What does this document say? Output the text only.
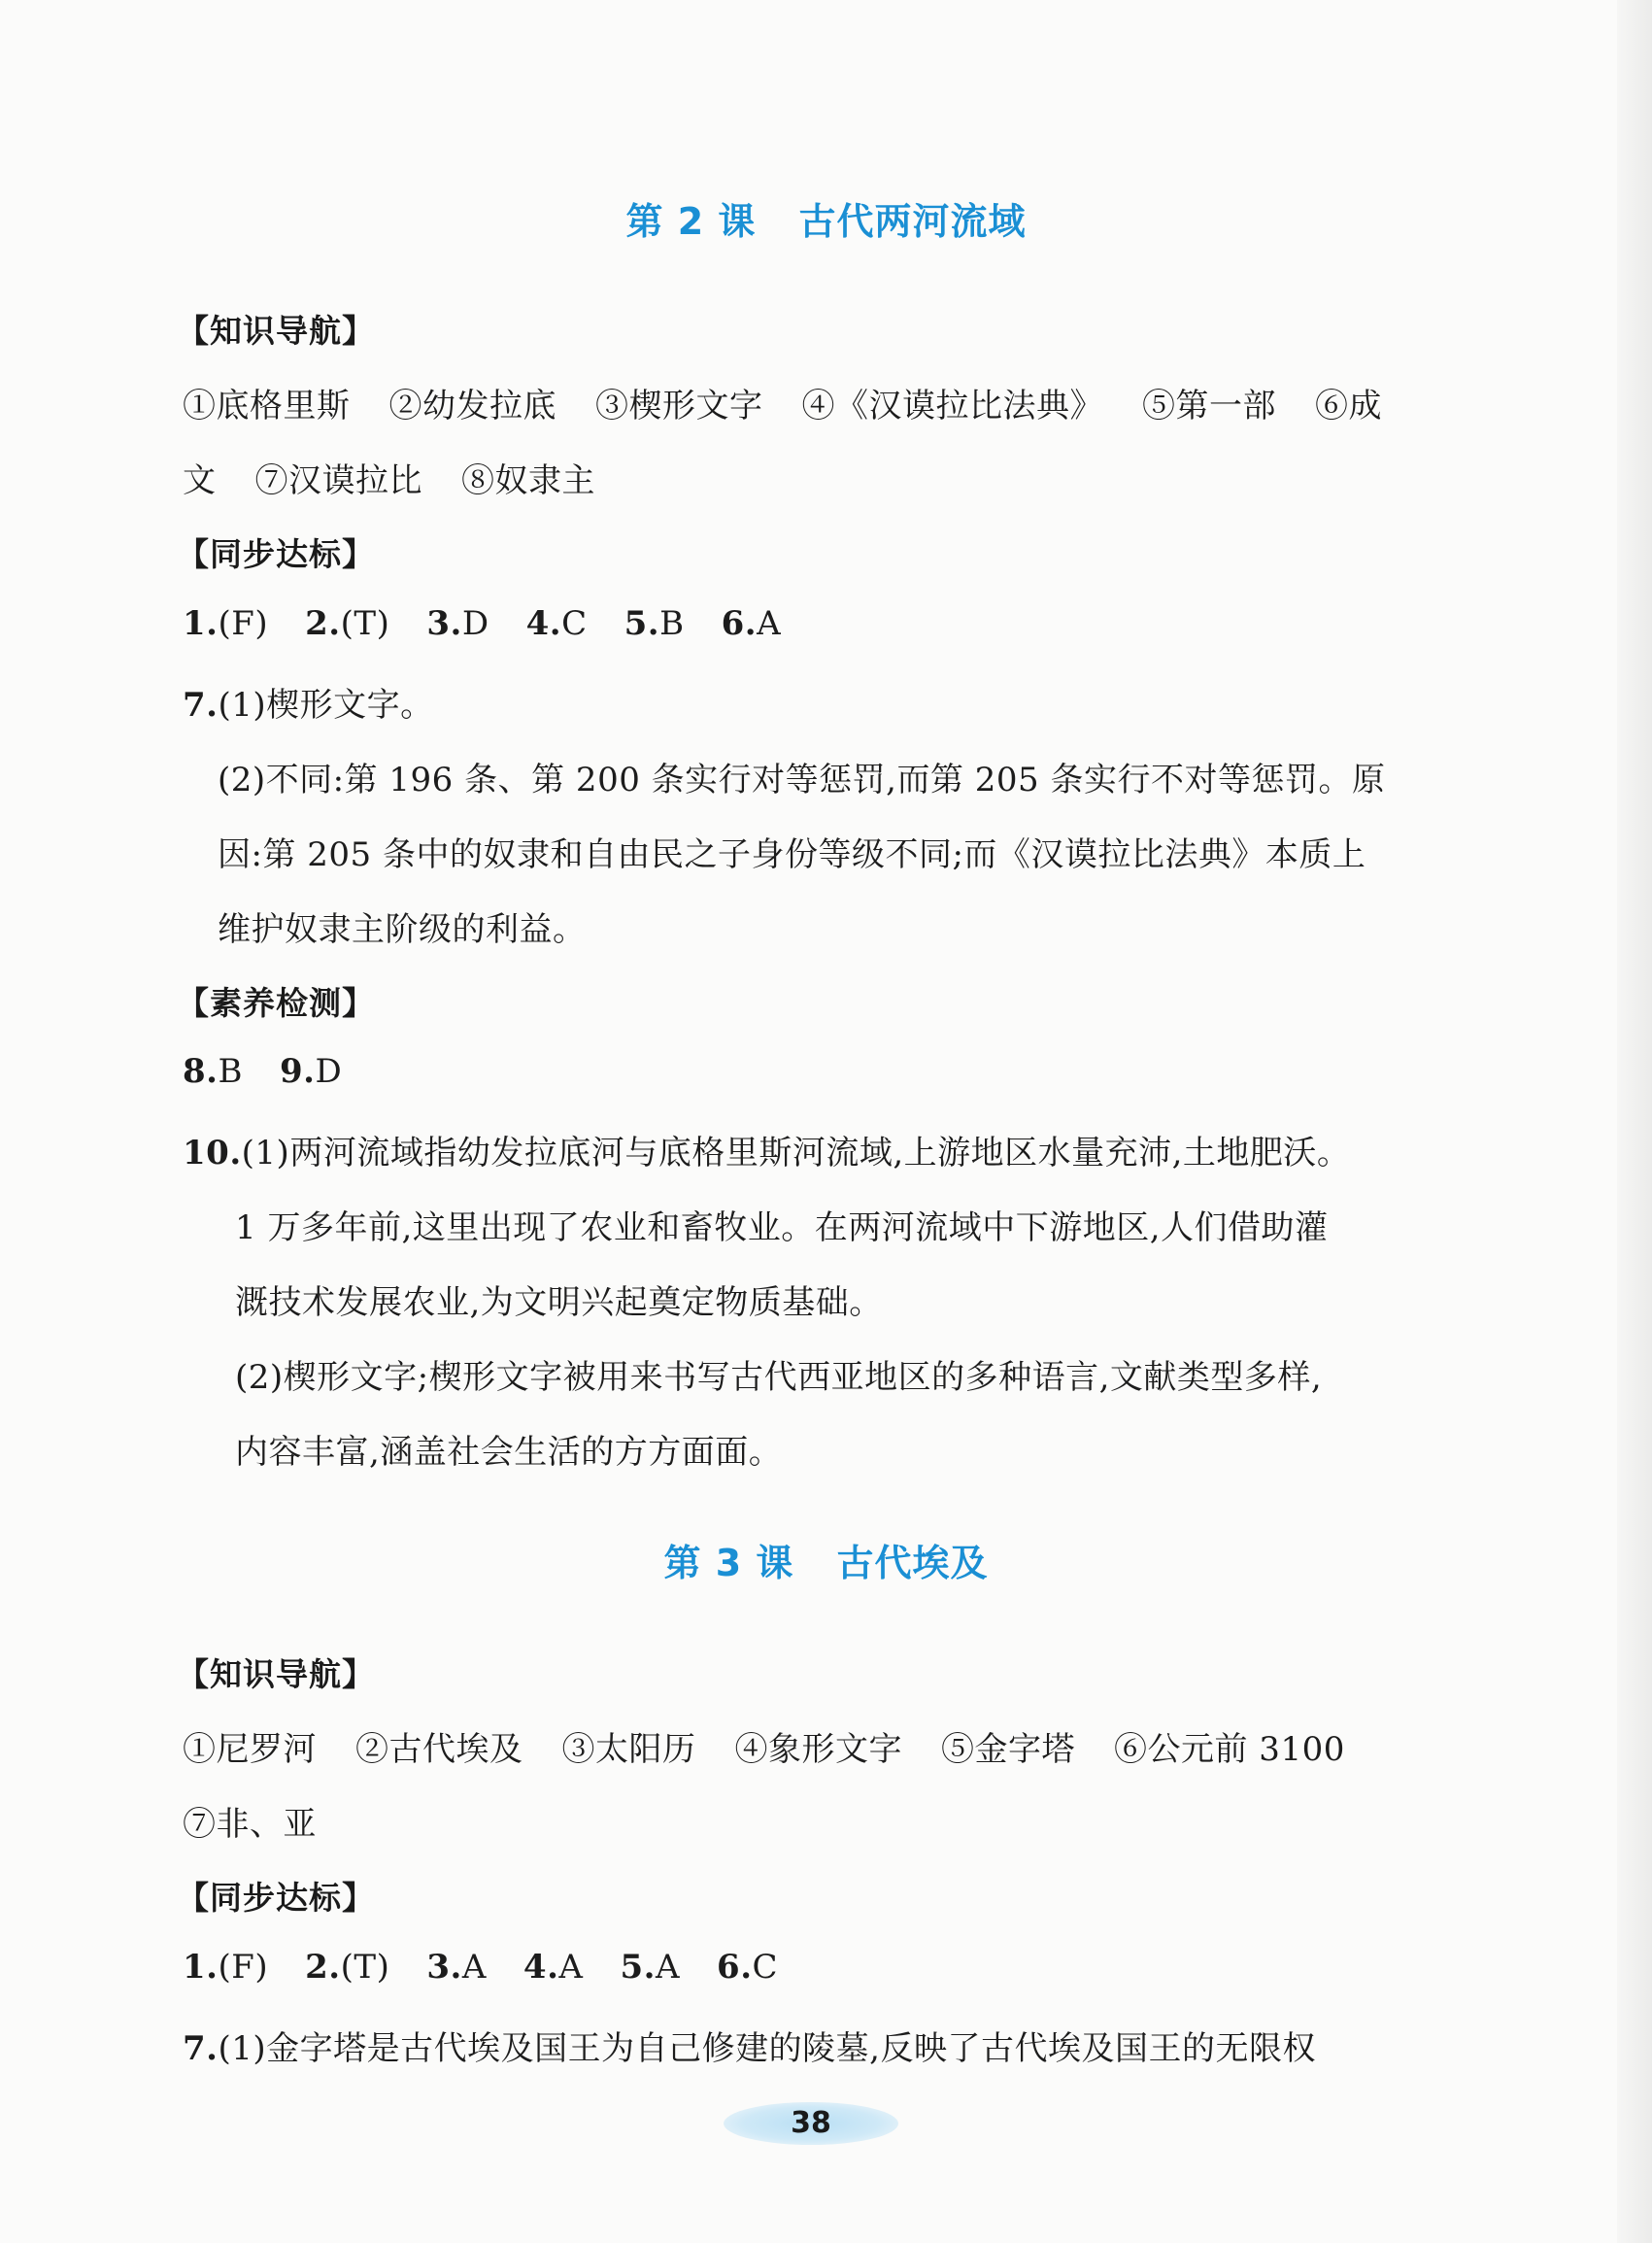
第 2 课 古代两河流域
【知识导航】
①底格里斯 ②幼发拉底 ③楔形文字 ④《汉谟拉比法典》 ⑤第一部 ⑥成
文 ⑦汉谟拉比 ⑧奴隶主
【同步达标】
1.(F) 2.(T) 3.D 4.C 5.B 6.A
7.(1)楔形文字。
(2)不同:第 196 条、第 200 条实行对等惩罚,而第 205 条实行不对等惩罚。原
因:第 205 条中的奴隶和自由民之子身份等级不同;而《汉谟拉比法典》本质上
维护奴隶主阶级的利益。
【素养检测】
8.B 9.D
10.(1)两河流域指幼发拉底河与底格里斯河流域,上游地区水量充沛,土地肥沃。
1 万多年前,这里出现了农业和畜牧业。在两河流域中下游地区,人们借助灌
溉技术发展农业,为文明兴起奠定物质基础。
(2)楔形文字;楔形文字被用来书写古代西亚地区的多种语言,文献类型多样,
内容丰富,涵盖社会生活的方方面面。
第 3 课 古代埃及
【知识导航】
①尼罗河 ②古代埃及 ③太阳历 ④象形文字 ⑤金字塔 ⑥公元前 3100
⑦非、亚
【同步达标】
1.(F) 2.(T) 3.A 4.A 5.A 6.C
7.(1)金字塔是古代埃及国王为自己修建的陵墓,反映了古代埃及国王的无限权
38
